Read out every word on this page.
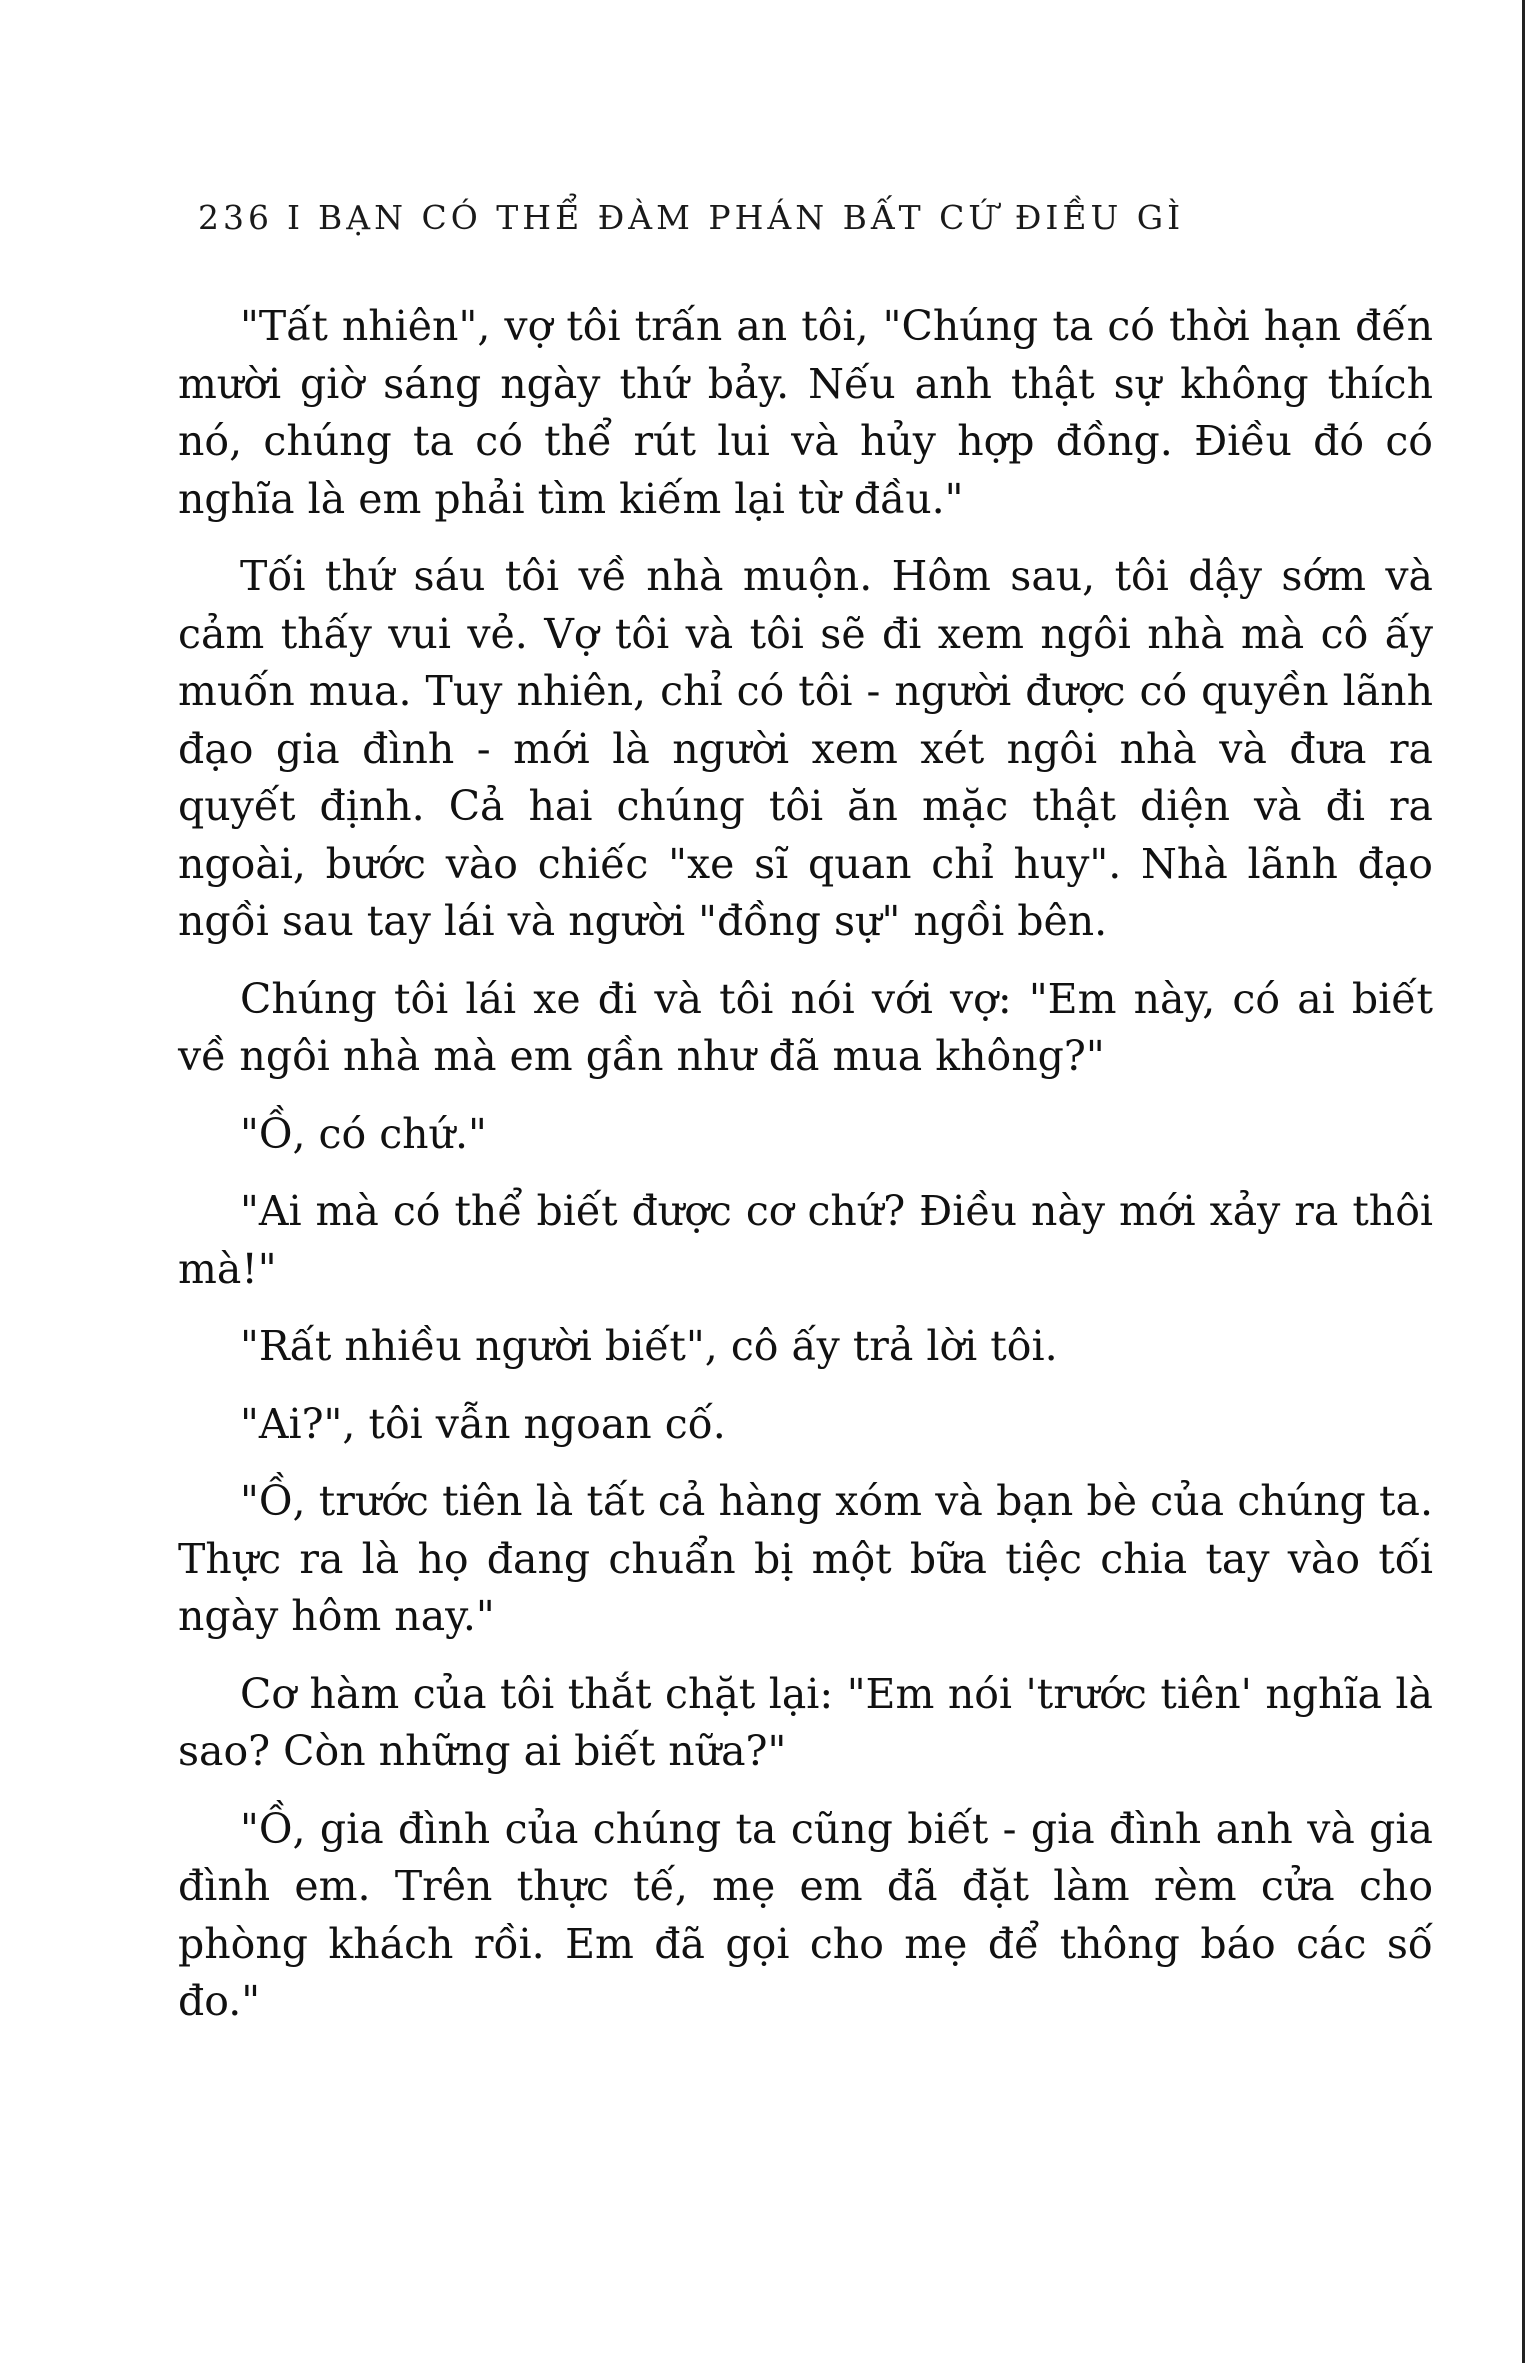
236 I BẠN CÓ THỂ ĐÀM PHÁN BẤT CỨ ĐIỀU GÌ

"Tất nhiên", vợ tôi trấn an tôi, "Chúng ta có thời hạn đến mười giờ sáng ngày thứ bảy. Nếu anh thật sự không thích nó, chúng ta có thể rút lui và hủy hợp đồng. Điều đó có nghĩa là em phải tìm kiếm lại từ đầu."

Tối thứ sáu tôi về nhà muộn. Hôm sau, tôi dậy sớm và cảm thấy vui vẻ. Vợ tôi và tôi sẽ đi xem ngôi nhà mà cô ấy muốn mua. Tuy nhiên, chỉ có tôi - người được có quyền lãnh đạo gia đình - mới là người xem xét ngôi nhà và đưa ra quyết định. Cả hai chúng tôi ăn mặc thật diện và đi ra ngoài, bước vào chiếc "xe sĩ quan chỉ huy". Nhà lãnh đạo ngồi sau tay lái và người "đồng sự" ngồi bên.

Chúng tôi lái xe đi và tôi nói với vợ: "Em này, có ai biết về ngôi nhà mà em gần như đã mua không?"

"Ồ, có chứ."

"Ai mà có thể biết được cơ chứ? Điều này mới xảy ra thôi mà!"

"Rất nhiều người biết", cô ấy trả lời tôi.

"Ai?", tôi vẫn ngoan cố.

"Ồ, trước tiên là tất cả hàng xóm và bạn bè của chúng ta. Thực ra là họ đang chuẩn bị một bữa tiệc chia tay vào tối ngày hôm nay."

Cơ hàm của tôi thắt chặt lại: "Em nói 'trước tiên' nghĩa là sao? Còn những ai biết nữa?"

"Ồ, gia đình của chúng ta cũng biết - gia đình anh và gia đình em. Trên thực tế, mẹ em đã đặt làm rèm cửa cho phòng khách rồi. Em đã gọi cho mẹ để thông báo các số đo."
